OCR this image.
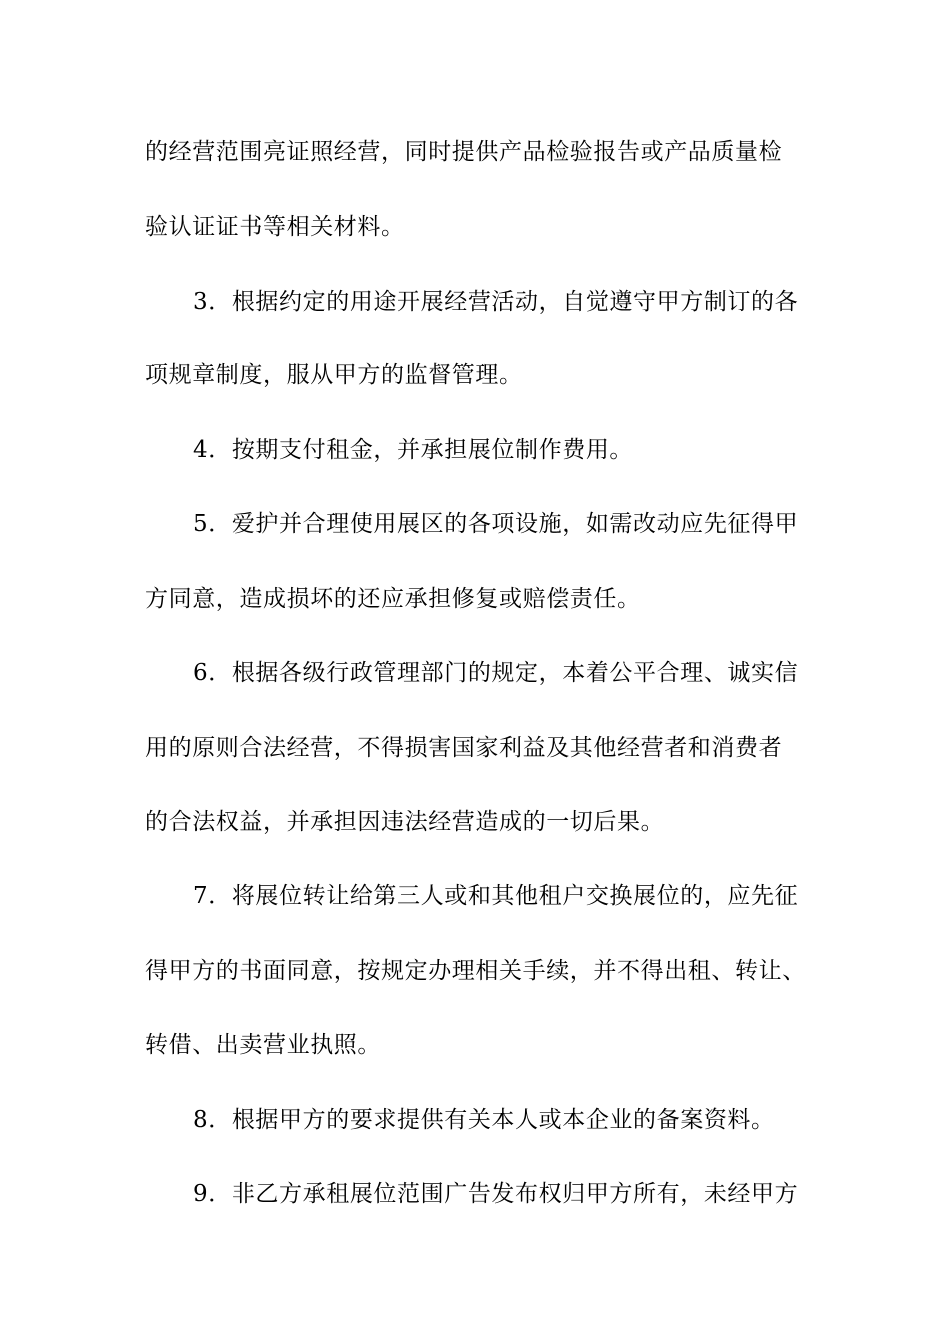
的经营范围亮证照经营，同时提供产品检验报告或产品质量检
验认证证书等相关材料。
3．根据约定的用途开展经营活动，自觉遵守甲方制订的各
项规章制度，服从甲方的监督管理。
4．按期支付租金，并承担展位制作费用。
5．爱护并合理使用展区的各项设施，如需改动应先征得甲
方同意，造成损坏的还应承担修复或赔偿责任。
6．根据各级行政管理部门的规定，本着公平合理、诚实信
用的原则合法经营，不得损害国家利益及其他经营者和消费者
的合法权益，并承担因违法经营造成的一切后果。
7．将展位转让给第三人或和其他租户交换展位的，应先征
得甲方的书面同意，按规定办理相关手续，并不得出租、转让、
转借、出卖营业执照。
8．根据甲方的要求提供有关本人或本企业的备案资料。
9．非乙方承租展位范围广告发布权归甲方所有，未经甲方
